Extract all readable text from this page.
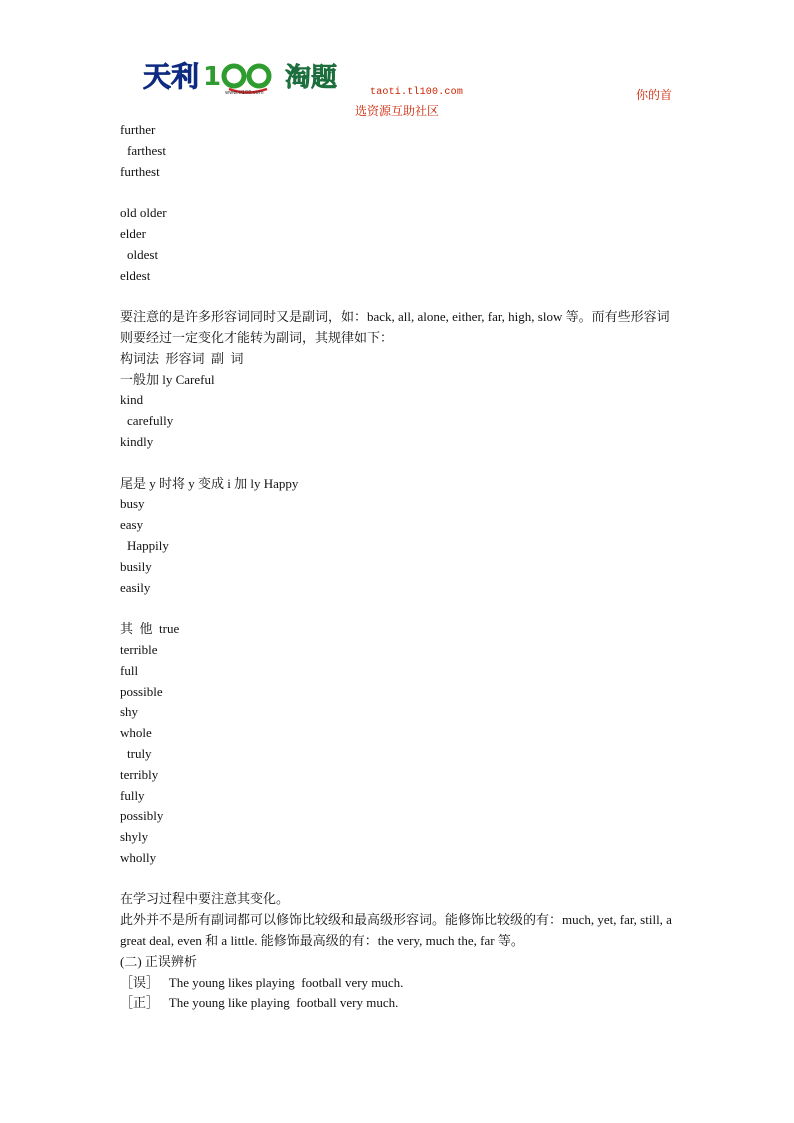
天利 1
www.tl100.com 淘题	taoti.tl100.com	你的首
选资源互助社区
further
farthest
furthest
old older
elder
oldest
eldest
要注意的是许多形容词同时又是副词，如：back, all, alone, either, far, high, slow 等。而有些形容词则要经过一定变化才能转为副词，其规律如下：
构词法  形容词  副  词
一般加 ly Careful
kind
carefully
kindly
尾是 y 时将 y 变成 i 加 ly Happy
busy
easy
Happily
busily
easily
其  他  true
terrible
full
possible
shy
whole
truly
terribly
fully
possibly
shyly
wholly
在学习过程中要注意其变化。
此外并不是所有副词都可以修饰比较级和最高级形容词。能修饰比较级的有：much, yet, far, still, a great deal, even 和 a little. 能修饰最高级的有：the very, much the, far 等。
(二) 正误辨析
［误］   The young likes playing  football very much.
［正］   The young like playing  football very much.
